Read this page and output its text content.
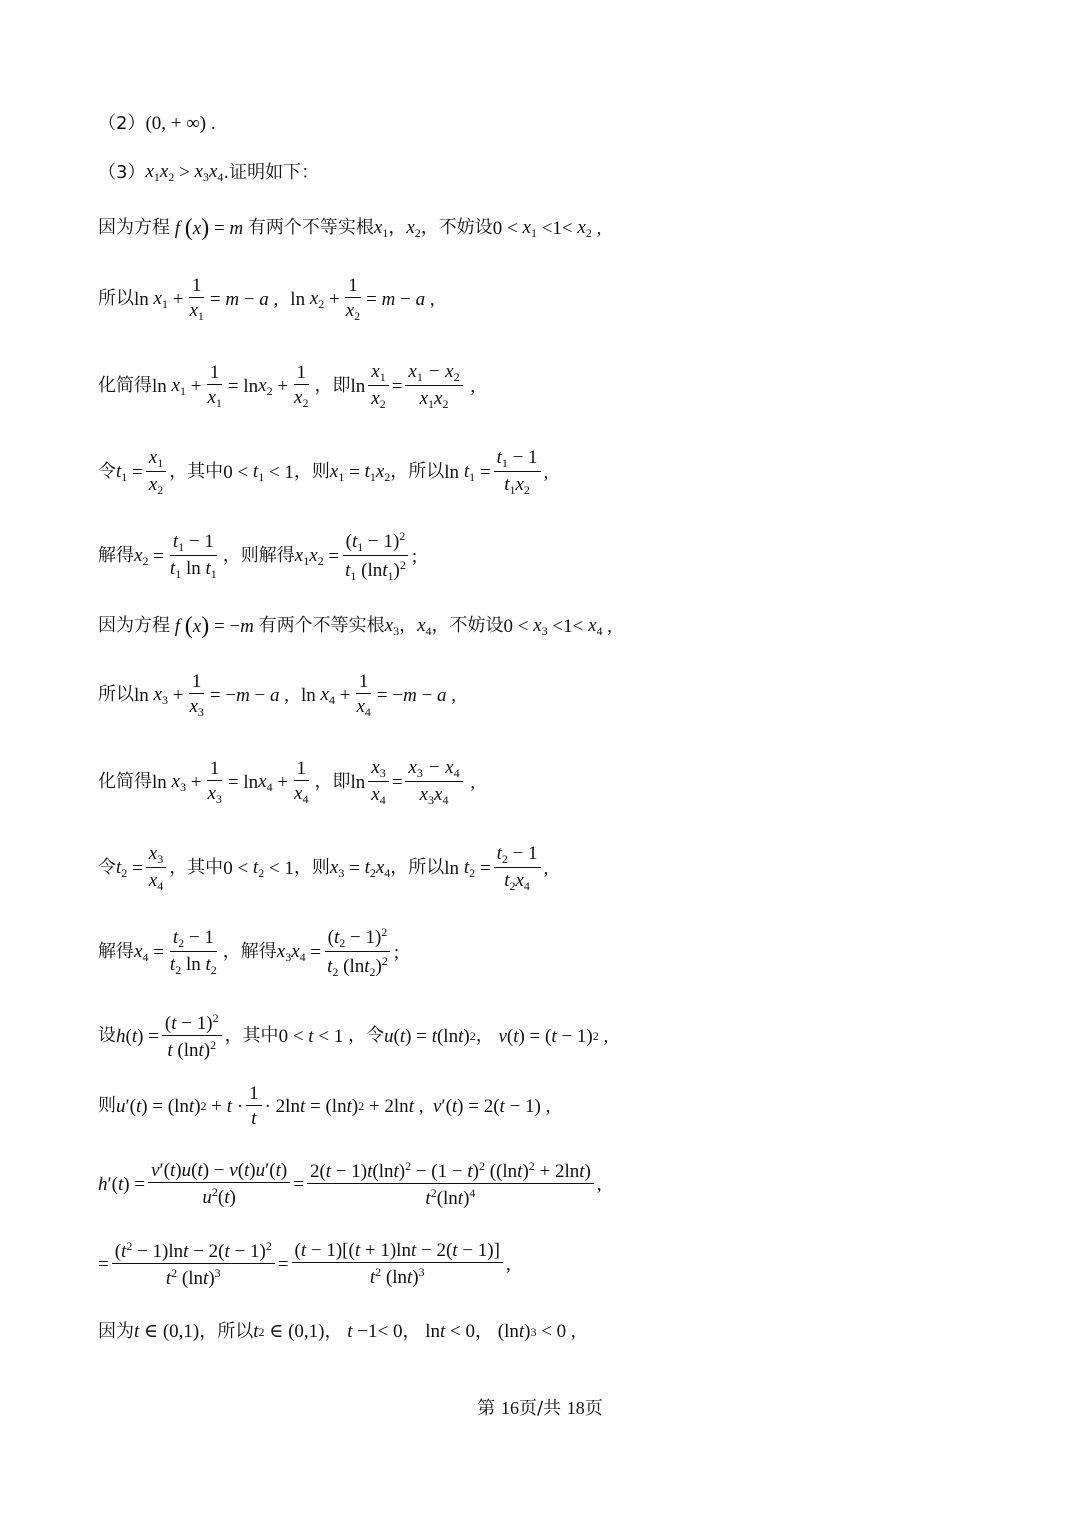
（2） (0, + ∞) .
（3） $x_1x_2 > x_3x_4$ .证明如下：
因为方程 f
( x ) = m
有两个不等实根 $x_1$ ， $x_2$ ，不妨设 $0 < x_1 <1< x_2$ ,
所以 $\ln x_1 + \frac{1}{x_1} = m - a$ ,
$\ln x_2 + \frac{1}{x_2} = m - a$ ,
化简得 $\ln x_1 + \frac{1}{x_1} = \ln x_2 + \frac{1}{x_2}$ ，即 $\ln \frac{x_1}{x_2} = \frac{x_1 - x_2}{x_1x_2}$ ,
令 $t_1 = \frac{x_1}{x_2}$ ，其中 $0 < t_1 < 1$ ，则 $x_1 = t_1x_2$ ，所以 $\ln t_1 = \frac{t_1 - 1}{t_1x_2}$ ,
解得 $x_2 = \frac{t_1 - 1}{t_1 \ln t_1}$ ，则解得 $x_1x_2 = \frac{(t_1 - 1)^2}{t_1 (\ln t_1)^2}$ ;
因为方程 f
( x ) = − m
有两个不等实根 $x_3$ ， $x_4$ ，不妨设 $0 < x_3 <1< x_4$ ,
所以 $\ln x_3 + \frac{1}{x_3}$ = − m − a ,
$\ln x_4 + \frac{1}{x_4}$ = − m − a ,
化简得 $\ln x_3 + \frac{1}{x_3} = \ln x_4 + \frac{1}{x_4}$ ，即 $\ln \frac{x_3}{x_4} = \frac{x_3 - x_4}{x_3x_4}$ ,
令 $t_2 = \frac{x_3}{x_4}$ ，其中 $0 < t_2 < 1$ ，则 $x_3 = t_2x_4$ ，所以 $\ln t_2 = \frac{t_2 - 1}{t_2x_4}$ ,
解得 $x_4 = \frac{t_2 - 1}{t_2 \ln t_2}$ ，解得 $x_3x_4 = \frac{(t_2 - 1)^2}{t_2 (\ln t_2)^2}$ ;
设 h ( t ) = $\frac{(t - 1)^2}{t (\ln t)^2}$ ，其中 0 < t < 1 ，令 u ( t ) = t (ln t ) 2 ，
v ( t ) = ( t − 1) 2 ,
则 u ′( t ) = (ln t ) $2 + t \cdot \frac{1}{t} \cdot 2\ln$ t = (ln t ) 2 + 2ln t , v ′( t ) = 2( t − 1) ,
h ′( t ) = $\frac{v'(t)u(t) - v(t)u'(t)}{u^2(t)} = \frac{2(t - 1)t(\ln t)^2 - (1 - t)^2 ((\ln t)^2 + 2\ln t)}{t^2(\ln t)^4}$ ,
= $\frac{(t^2 - 1)\ln t - 2(t - 1)^2}{t^2 (\ln t)^3} = \frac{(t - 1)[(t + 1)\ln t - 2(t - 1)]}{t^2 (\ln t)^3}$ ,
因为 t ∈ (0,1) ，所以 t 2 ∈ (0,1) ，
t −1< 0 ， ln t < 0 ， (ln t ) 3 < 0 ,
第 16页/共 18页
